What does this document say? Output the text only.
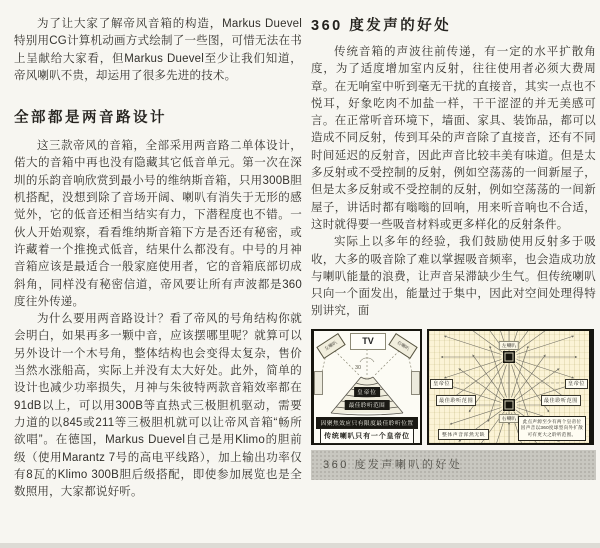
为了让大家了解帝风音箱的构造，Markus Duevel特别用CG计算机动画方式绘制了一些图，可惜无法在书上呈献给大家看，但Markus Duevel至少让我们知道，帝风喇叭不贵，却运用了很多先进的技术。

全部都是两音路设计

这三款帝风的音箱，全部采用两音路二单体设计，偌大的音箱中再也没有隐藏其它低音单元。第一次在深圳的乐韵音响欣赏到最小号的维纳斯音箱，只用300B胆机搭配，没想到除了音场开阔、喇叭有消失于无形的感觉外，它的低音还相当结实有力，下潜程度也不错。一伙人开始观察，看看维纳斯音箱下方是否还有秘密，或许藏着一个推挽式低音，结果什么都没有。中号的月神音箱应该是最适合一般家庭使用者，它的音箱底部切成斜角，同样没有秘密信道，帝风要让所有声波都是360度往外传递。

为什么要用两音路设计？看了帝风的号角结构你就会明白，如果再多一颗中音，应该摆哪里呢？就算可以另外设计一个木号角，整体结构也会变得太复杂，售价当然水涨船高，实际上并没有太大好处。此外，简单的设计也减少功率损失，月神与朱彼特两款音箱效率都在91dB以上，可以用300B等直热式三极胆机驱动，需要力道的以845或211等三极胆机就可以让帝风音箱“畅所欲唱”。在德国，Markus Duevel自己是用Klimo的胆前级（使用Marantz 7号的高电平线路），加上输出功率仅有8瓦的Klimo 300B胆后级搭配，即使参加展览也是全数照用，大家都说好听。

360 度发声的好处

传统音箱的声波往前传递，有一定的水平扩散角度，为了适度增加室内反射，往往使用者必须大费周章。在无响室中听到毫无干扰的直接音，其实一点也不悦耳，好象吃肉不加盐一样，干干涩涩的并无美感可言。在正常听音环境下，墙面、家具、装饰品，都可以造成不同反射，传到耳朵的声音除了直接音，还有不同时间延迟的反射音，因此声音比较丰美有味道。但是太多反射或不受控制的反射，例如空荡荡的一间新屋子，但是太多反射或不受控制的反射，例如空荡荡的一间新屋子，讲话时都有嗡嗡的回响，用来听音响也不合适，这时就得要一些吸音材料或更多样化的反射条件。

实际上以多年的经验，我们鼓励使用反射多于吸收，大多的吸音除了难以掌握吸音频率，也会造成功放与喇叭能量的浪费，让声音呆滞缺少生气。但传统喇叭只向一个面发出，能量过于集中，因此对空间处理得特别讲究，面

30
TV
左喇叭	右喇叭
皇帝位
最佳聆听范围
因聚焦效应只有限度最佳聆听位置
传统喇叭只有一个皇帝位
左喇叭
右喇叭
皇帝位	皇帝位
最佳聆听范围	最佳聆听范围
整体声音浑然无缺
此点声源至少有两个皇帝位
因声音以360度球型向外扩散
可有更大之聆听范围。
360 度发声喇叭的好处
